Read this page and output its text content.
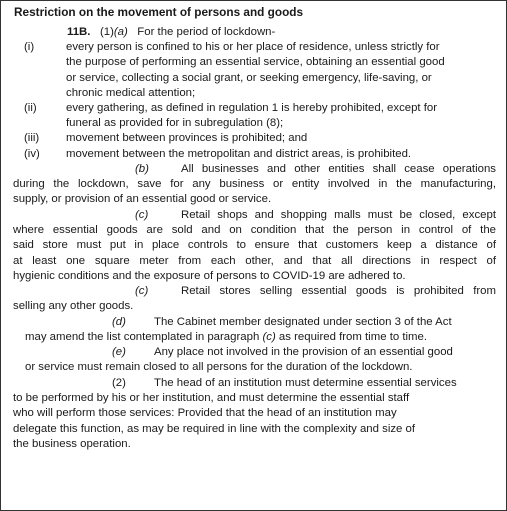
Restriction on the movement of persons and goods
11B. (1)(a) For the period of lockdown-
(i)	every person is confined to his or her place of residence, unless strictly for
the purpose of performing an essential service, obtaining an essential good
or service, collecting a social grant, or seeking emergency, life-saving, or
chronic medical attention;
(ii)	every gathering, as defined in regulation 1 is hereby prohibited, except for
funeral as provided for in subregulation (8);
(iii) movement between provinces is prohibited; and
(iv) movement between the metropolitan and district areas, is prohibited.
(b)	All businesses and other entities shall cease operations
during the lockdown, save for any business or entity involved in the manufacturing,
supply, or provision of an essential good or service.
(c)	Retail shops and shopping malls must be closed, except
where essential goods are sold and on condition that the person in control of the
said store must put in place controls to ensure that customers keep a distance of
at least one square meter from each other, and that all directions in respect of
hygienic conditions and the exposure of persons to COVID-19 are adhered to.
(c)	Retail stores selling essential goods is prohibited from
selling any other goods.
(d) The Cabinet member designated under section 3 of the Act
may amend the list contemplated in paragraph (c) as required from time to time.
(e) Any place not involved in the provision of an essential good
or service must remain closed to all persons for the duration of the lockdown.
(2) The head of an institution must determine essential services
to be performed by his or her institution, and must determine the essential staff
who will perform those services: Provided that the head of an institution may
delegate this function, as may be required in line with the complexity and size of
the business operation.
